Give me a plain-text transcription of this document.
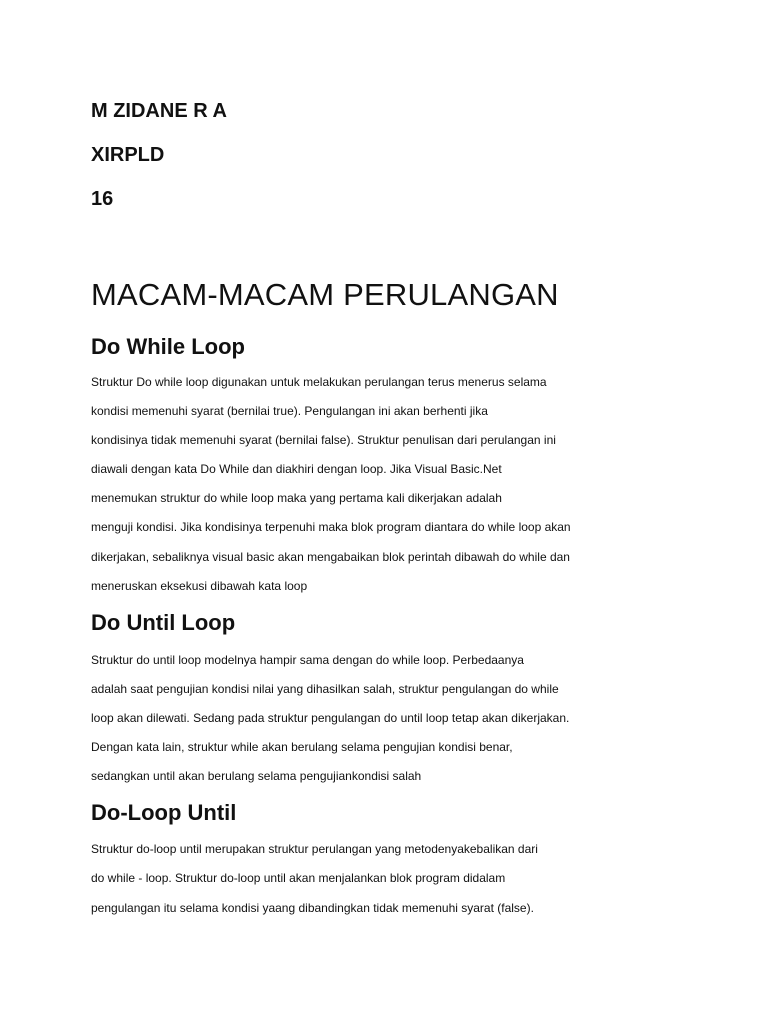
M ZIDANE R A

XIRPLD

16

MACAM-MACAM PERULANGAN
Do While Loop

Struktur Do while loop digunakan untuk melakukan perulangan terus menerus selama

kondisi memenuhi syarat (bernilai true). Pengulangan ini akan berhenti jika

kondisinya tidak memenuhi syarat (bernilai false). Struktur penulisan dari perulangan ini

diawali dengan kata Do While dan diakhiri dengan loop. Jika Visual Basic.Net

menemukan struktur do while loop maka yang pertama kali dikerjakan adalah

menguji kondisi. Jika kondisinya terpenuhi maka blok program diantara do while loop akan

dikerjakan, sebaliknya visual basic akan mengabaikan blok perintah dibawah do while dan

meneruskan eksekusi dibawah kata loop

Do Until Loop

Struktur do until loop modelnya hampir sama dengan do while loop. Perbedaanya

adalah saat pengujian kondisi nilai yang dihasilkan salah, struktur pengulangan do while

loop akan dilewati. Sedang pada struktur pengulangan do until loop tetap akan dikerjakan.

Dengan kata lain, struktur while akan berulang selama pengujian kondisi benar,

sedangkan until akan berulang selama pengujiankondisi salah

Do-Loop Until

Struktur do-loop until merupakan struktur perulangan yang metodenyakebalikan dari

do while - loop. Struktur do-loop until akan menjalankan blok program didalam

pengulangan itu selama kondisi yaang dibandingkan tidak memenuhi syarat (false).
